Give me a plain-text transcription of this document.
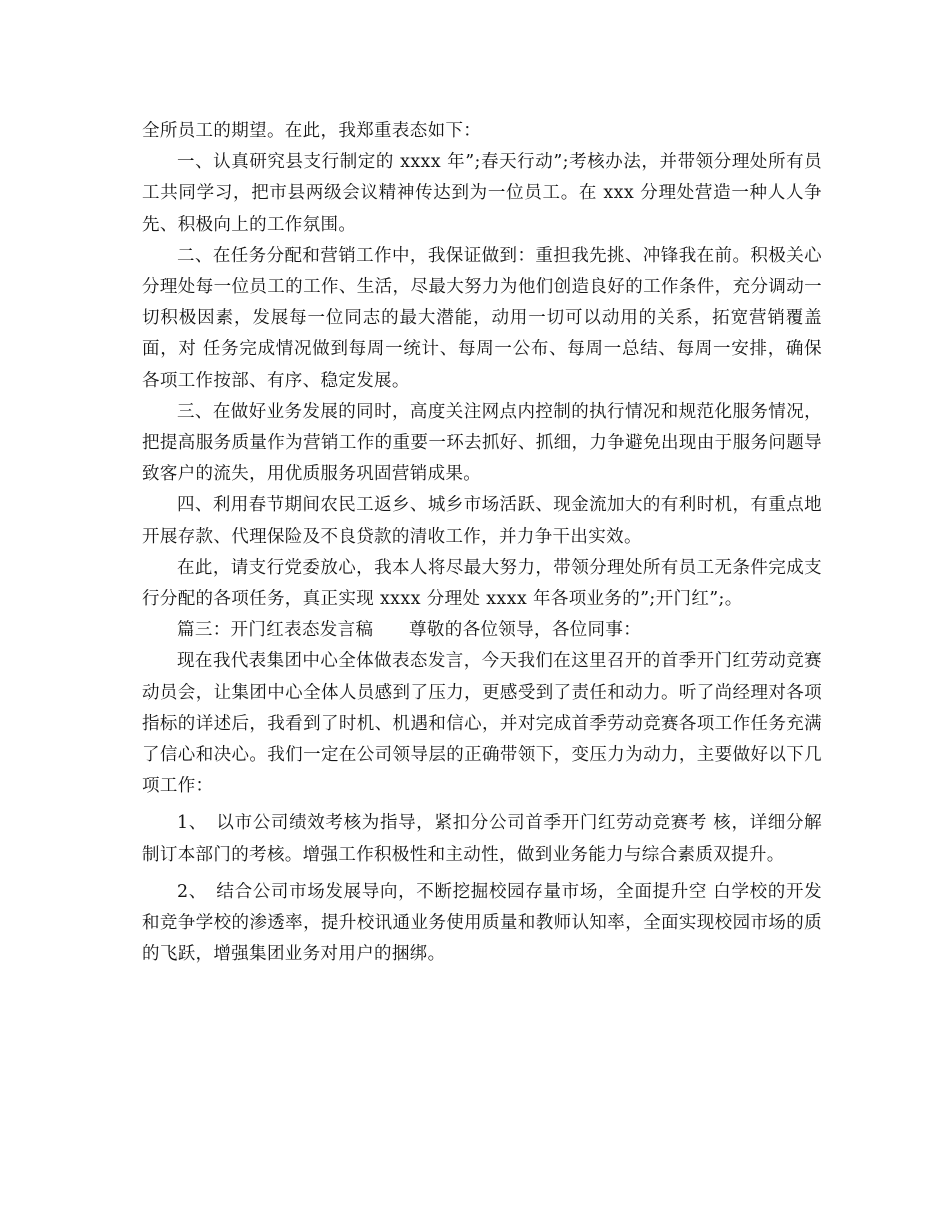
全所员工的期望。在此，我郑重表态如下：

一、认真研究县支行制定的 xxxx 年”;春天行动”;考核办法，并带领分理处所有员工共同学习，把市县两级会议精神传达到为一位员工。在 xxx 分理处营造一种人人争先、积极向上的工作氛围。

二、在任务分配和营销工作中，我保证做到：重担我先挑、冲锋我在前。积极关心分理处每一位员工的工作、生活，尽最大努力为他们创造良好的工作条件，充分调动一切积极因素，发展每一位同志的最大潜能，动用一切可以动用的关系，拓宽营销覆盖面，对 任务完成情况做到每周一统计、每周一公布、每周一总结、每周一安排，确保各项工作按部、有序、稳定发展。

三、在做好业务发展的同时，高度关注网点内控制的执行情况和规范化服务情况，把提高服务质量作为营销工作的重要一环去抓好、抓细，力争避免出现由于服务问题导致客户的流失，用优质服务巩固营销成果。

四、利用春节期间农民工返乡、城乡市场活跃、现金流加大的有利时机，有重点地开展存款、代理保险及不良贷款的清收工作，并力争干出实效。

在此，请支行党委放心，我本人将尽最大努力，带领分理处所有员工无条件完成支行分配的各项任务，真正实现 xxxx 分理处 xxxx 年各项业务的”;开门红”;。

篇三：开门红表态发言稿　　尊敬的各位领导，各位同事：

现在我代表集团中心全体做表态发言，今天我们在这里召开的首季开门红劳动竞赛动员会，让集团中心全体人员感到了压力，更感受到了责任和动力。听了尚经理对各项指标的详述后，我看到了时机、机遇和信心，并对完成首季劳动竞赛各项工作任务充满了信心和决心。我们一定在公司领导层的正确带领下，变压力为动力，主要做好以下几项工作：

1、　以市公司绩效考核为指导，紧扣分公司首季开门红劳动竞赛考 核，详细分解制订本部门的考核。增强工作积极性和主动性，做到业务能力与综合素质双提升。

2、　结合公司市场发展导向，不断挖掘校园存量市场，全面提升空 白学校的开发和竞争学校的渗透率，提升校讯通业务使用质量和教师认知率，全面实现校园市场的质的飞跃，增强集团业务对用户的捆绑。
